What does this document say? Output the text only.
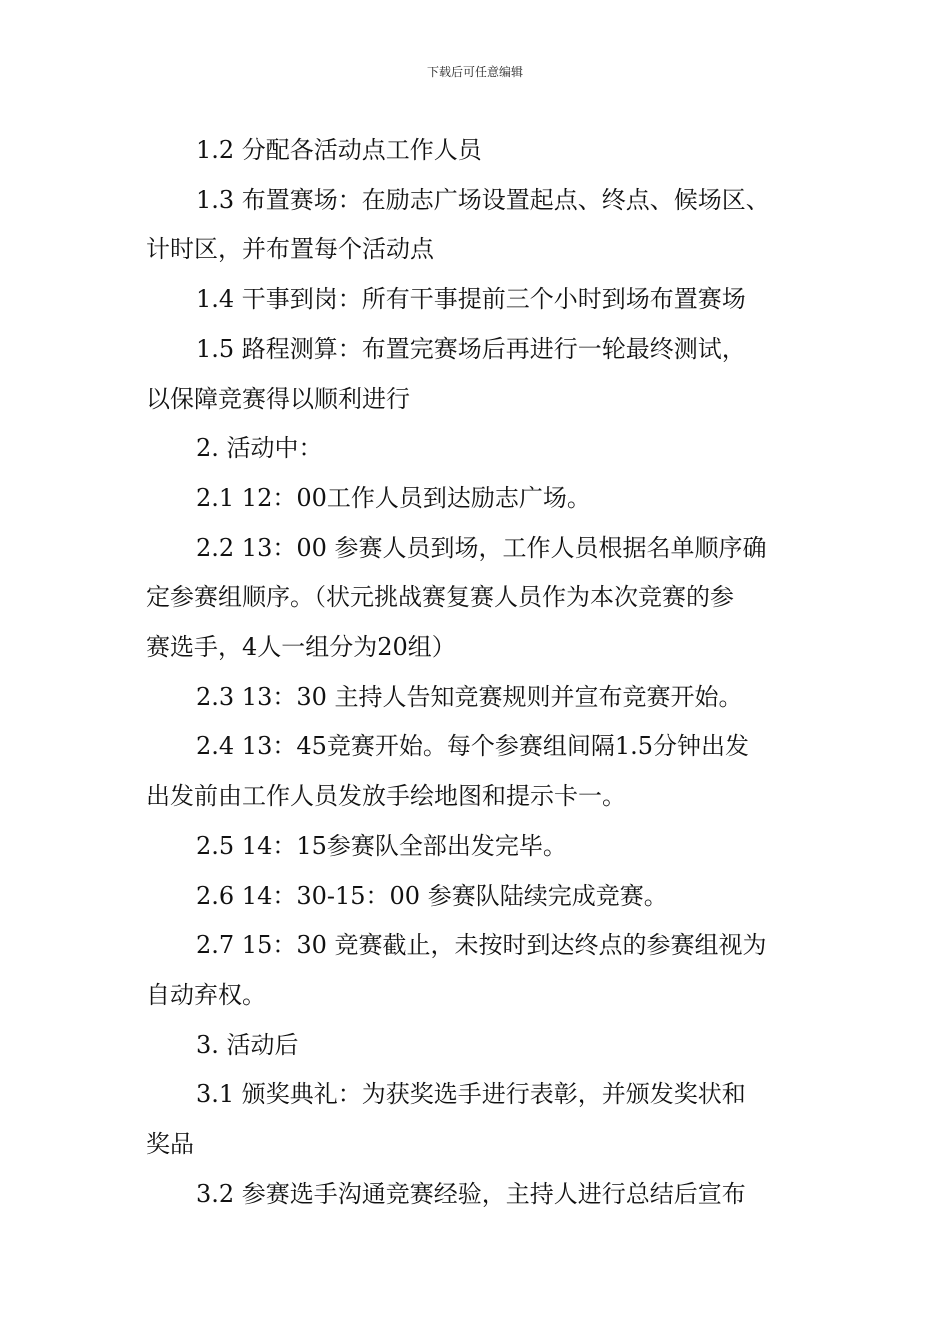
下载后可任意编辑
1.2 分配各活动点工作人员
1.3 布置赛场：在励志广场设置起点、终点、候场区、
计时区，并布置每个活动点
1.4 干事到岗：所有干事提前三个小时到场布置赛场
1.5 路程测算：布置完赛场后再进行一轮最终测试，
以保障竞赛得以顺利进行
2. 活动中：
2.1 12：00工作人员到达励志广场。
2.2 13：00 参赛人员到场，工作人员根据名单顺序确
定参赛组顺序。（状元挑战赛复赛人员作为本次竞赛的参
赛选手，4人一组分为20组）
2.3 13：30 主持人告知竞赛规则并宣布竞赛开始。
2.4 13：45竞赛开始。每个参赛组间隔1.5分钟出发
出发前由工作人员发放手绘地图和提示卡一。
2.5 14：15参赛队全部出发完毕。
2.6 14：30-15：00 参赛队陆续完成竞赛。
2.7 15：30 竞赛截止，未按时到达终点的参赛组视为
自动弃权。
3. 活动后
3.1 颁奖典礼：为获奖选手进行表彰，并颁发奖状和
奖品
3.2 参赛选手沟通竞赛经验，主持人进行总结后宣布
